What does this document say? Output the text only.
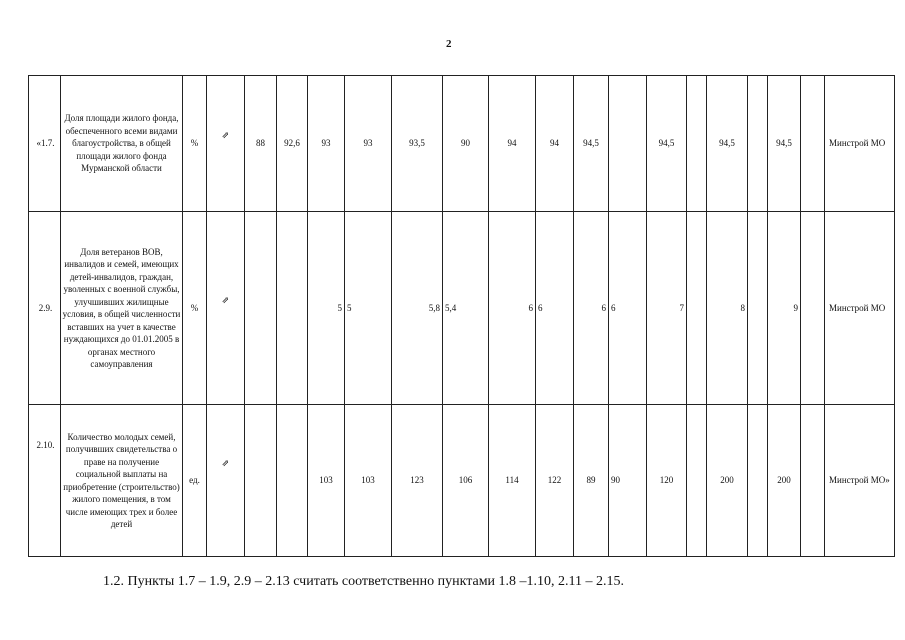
2
«1.7.	Доля площади жилого фонда, обеспеченного всеми видами благоустройства, в общей площади жилого фонда Мурманской области	%	⇗	88	92,6	93	93	93,5	90	94	94	94,5		94,5		94,5		94,5		Минстрой МО
2.9.	Доля ветеранов ВОВ, инвалидов и семей, имеющих детей-инвалидов, граждан, уволенных с военной службы, улучшивших жилищные условия, в общей численности вставших на учет в качестве нуждающихся до 01.01.2005 в органах местного самоуправления	%	⇗			5	5	5,8	5,4	6	6	6	6	7		8		9		Минстрой МО
2.10.	Количество молодых семей, получивших свидетельства о праве на получение социальной выплаты на приобретение (строительство) жилого помещения, в том числе имеющих трех и более детей	ед.	⇗			103	103	123	106	114	122	89	90	120		200		200		Минстрой МО»
1.2. Пункты 1.7 – 1.9, 2.9 – 2.13 считать соответственно пунктами 1.8 –1.10, 2.11 – 2.15.
